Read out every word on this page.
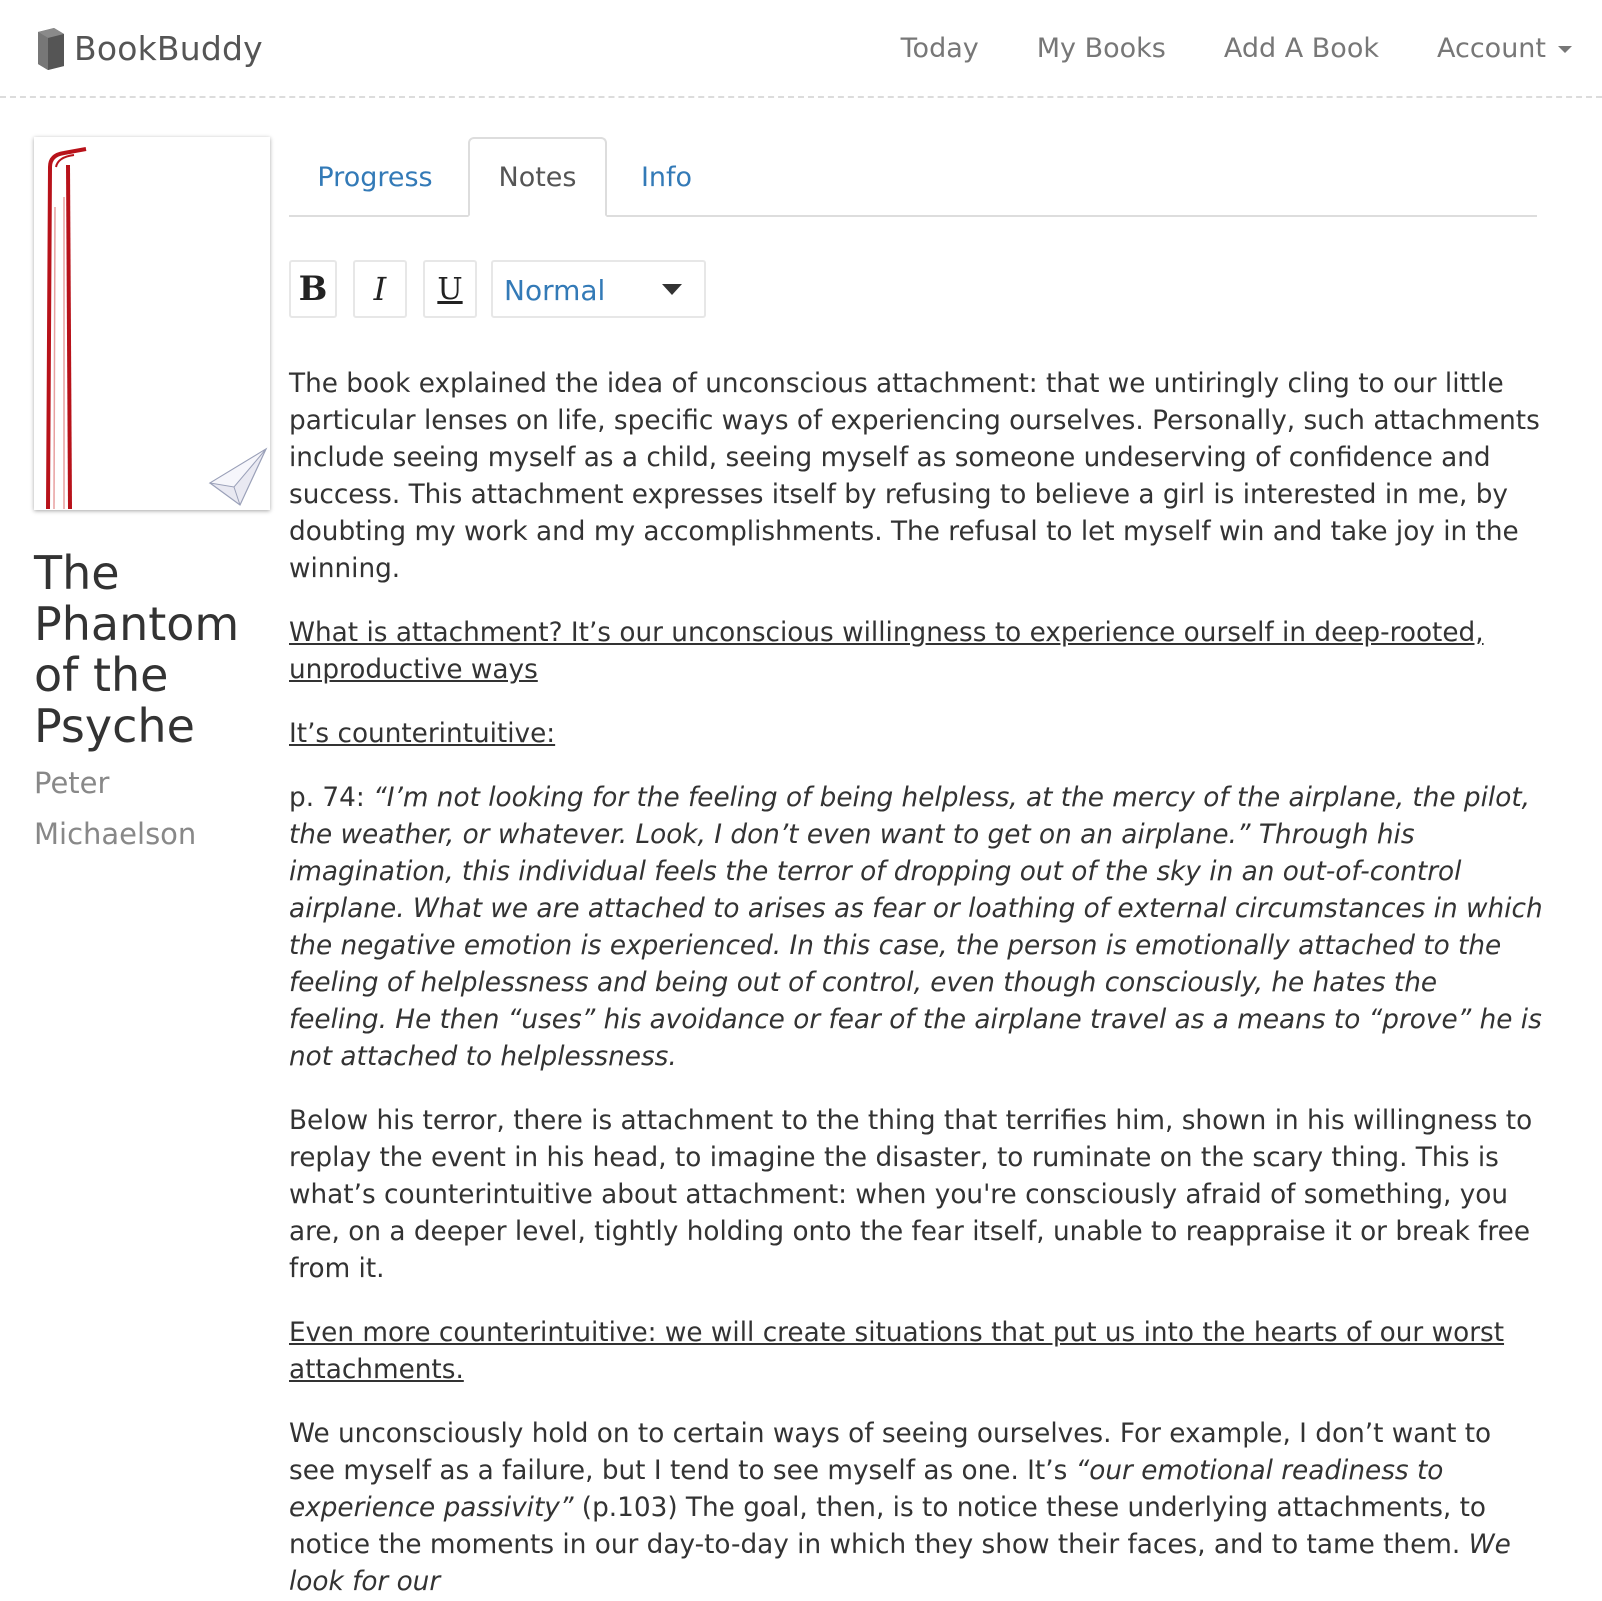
BookBuddy	Today My Books Add A Book Account
The Phantom of the Psyche
Peter Michaelson
Progress Notes Info
B I U Normal

The book explained the idea of unconscious attachment: that we untiringly cling to our little particular lenses on life, specific ways of experiencing ourselves. Personally, such attachments include seeing myself as a child, seeing myself as someone undeserving of confidence and success. This attachment expresses itself by refusing to believe a girl is interested in me, by doubting my work and my accomplishments. The refusal to let myself win and take joy in the winning.

What is attachment? It’s our unconscious willingness to experience ourself in deep-rooted, unproductive ways

It’s counterintuitive:

p. 74: “I’m not looking for the feeling of being helpless, at the mercy of the airplane, the pilot, the weather, or whatever. Look, I don’t even want to get on an airplane.” Through his imagination, this individual feels the terror of dropping out of the sky in an out-of-control airplane. What we are attached to arises as fear or loathing of external circumstances in which the negative emotion is experienced. In this case, the person is emotionally attached to the feeling of helplessness and being out of control, even though consciously, he hates the feeling. He then “uses” his avoidance or fear of the airplane travel as a means to “prove” he is not attached to helplessness.

Below his terror, there is attachment to the thing that terrifies him, shown in his willingness to replay the event in his head, to imagine the disaster, to ruminate on the scary thing. This is what’s counterintuitive about attachment: when you're consciously afraid of something, you are, on a deeper level, tightly holding onto the fear itself, unable to reappraise it or break free from it.

Even more counterintuitive: we will create situations that put us into the hearts of our worst attachments.

We unconsciously hold on to certain ways of seeing ourselves. For example, I don’t want to see myself as a failure, but I tend to see myself as one. It’s “our emotional readiness to experience passivity” (p.103) The goal, then, is to notice these underlying attachments, to notice the moments in our day-to-day in which they show their faces, and to tame them. We look for our
